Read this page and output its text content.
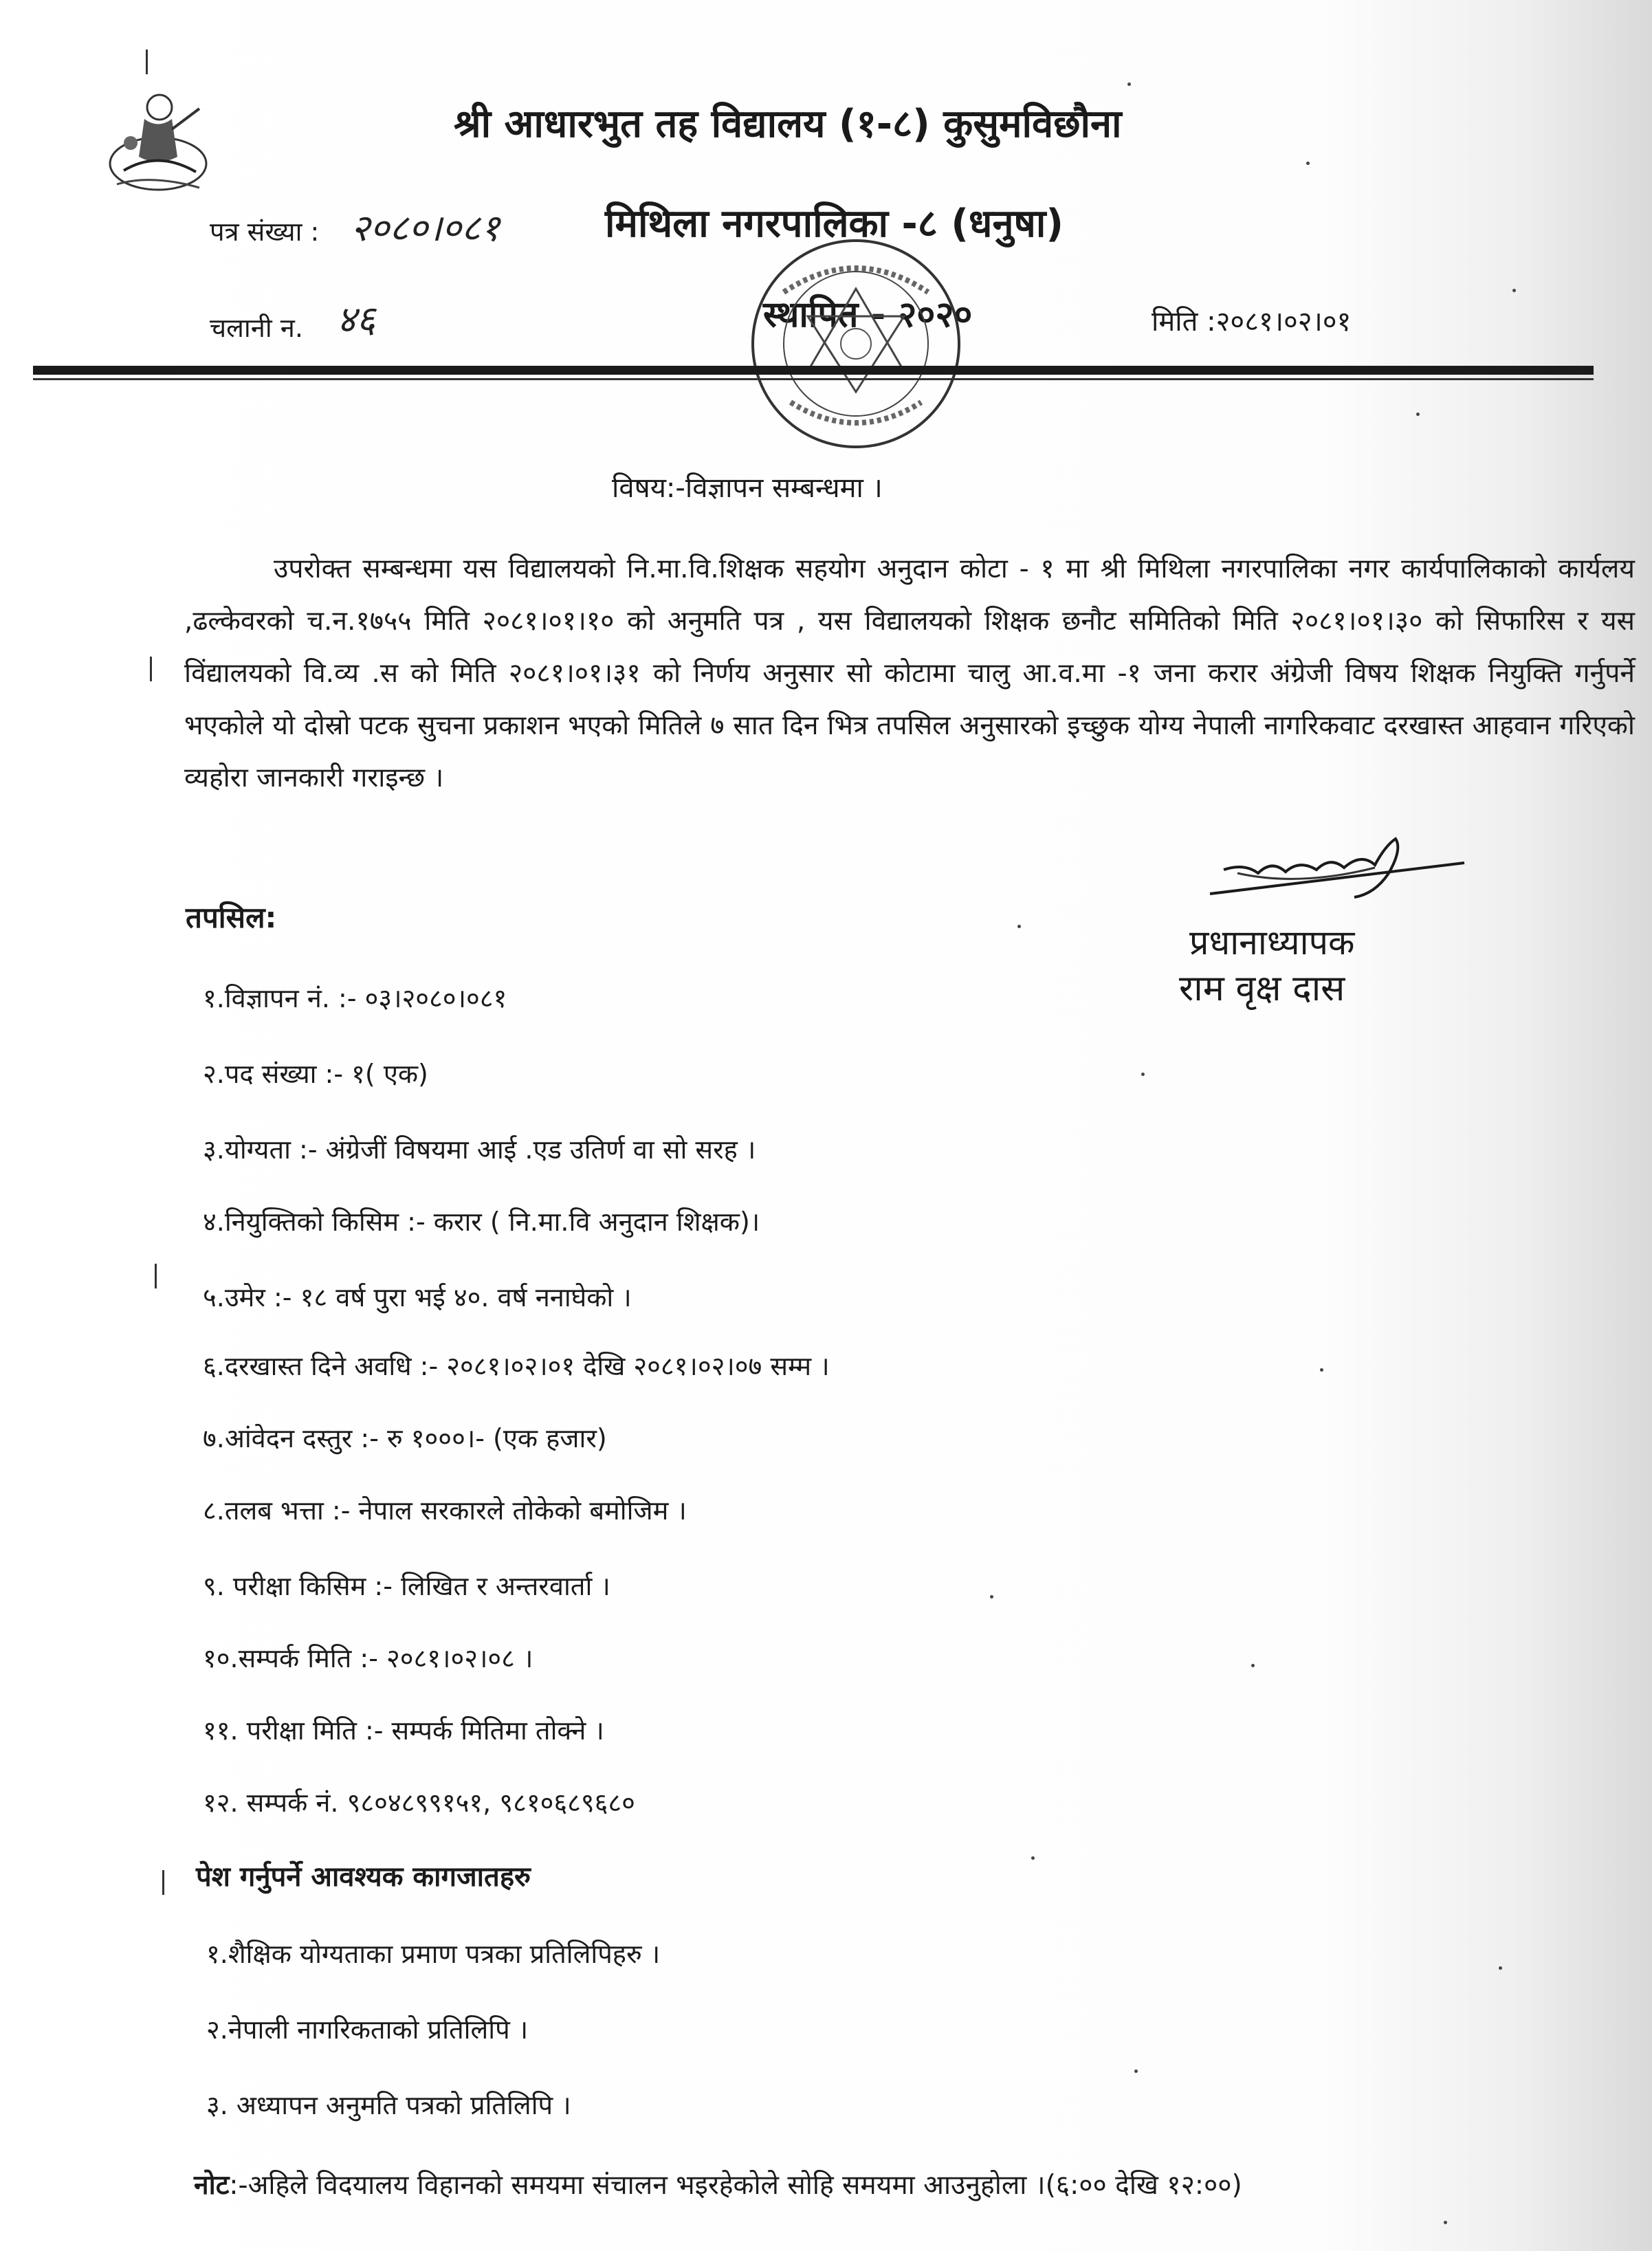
श्री आधारभुत तह विद्यालय (१-८) कुसुमविछौना
मिथिला नगरपालिका -८ (धनुषा)
पत्र संख्या : २०८०।०८१
चलानी न. ४६	स्थापित - २०२०	मिति :२०८१।०२।०१
विषय:-विज्ञापन सम्बन्धमा ।
उपरोक्त सम्बन्धमा यस विद्यालयको नि.मा.वि.शिक्षक सहयोग अनुदान कोटा - १ मा श्री मिथिला नगरपालिका नगर कार्यपालिकाको कार्यलय ,ढल्केवरको च.न.१७५५ मिति २०८१।०१।१० को अनुमति पत्र , यस विद्यालयको शिक्षक छनौट समितिको मिति २०८१।०१।३० को सिफारिस र यस विंद्यालयको वि.व्य .स को मिति २०८१।०१।३१ को निर्णय अनुसार सो कोटामा चालु आ.व.मा -१ जना करार अंग्रेजी विषय शिक्षक नियुक्ति गर्नुपर्ने भएकोले यो दोस्रो पटक सुचना प्रकाशन भएको मितिले ७ सात दिन भित्र तपसिल अनुसारको इच्छुक योग्य नेपाली नागरिकवाट दरखास्त आहवान गरिएको व्यहोरा जानकारी गराइन्छ ।
प्रधानाध्यापक
राम वृक्ष दास
तपसिल:
१.विज्ञापन नं. :- ०३।२०८०।०८१
२.पद संख्या :- १( एक)
३.योग्यता :- अंग्रेजीं विषयमा आई .एड उतिर्ण वा सो सरह ।
४.नियुक्तिको किसिम :- करार ( नि.मा.वि अनुदान शिक्षक)।
५.उमेर :- १८ वर्ष पुरा भई ४०. वर्ष ननाघेको ।
६.दरखास्त दिने अवधि :- २०८१।०२।०१ देखि २०८१।०२।०७ सम्म ।
७.आंवेदन दस्तुर :- रु १०००।- (एक हजार)
८.तलब भत्ता :- नेपाल सरकारले तोकेको बमोजिम ।
९. परीक्षा किसिम :- लिखित र अन्तरवार्ता ।
१०.सम्पर्क मिति :- २०८१।०२।०८ ।
११. परीक्षा मिति :- सम्पर्क मितिमा तोक्ने ।
१२. सम्पर्क नं. ९८०४८९९१५१, ९८१०६८९६८०
पेश गर्नुपर्ने आवश्यक कागजातहरु
१.शैक्षिक योग्यताका प्रमाण पत्रका प्रतिलिपिहरु ।
२.नेपाली नागरिकताको प्रतिलिपि ।
३. अध्यापन अनुमति पत्रको प्रतिलिपि ।
नोट:-अहिले विदयालय विहानको समयमा संचालन भइरहेकोले सोहि समयमा आउनुहोला ।(६:०० देखि १२:००)
